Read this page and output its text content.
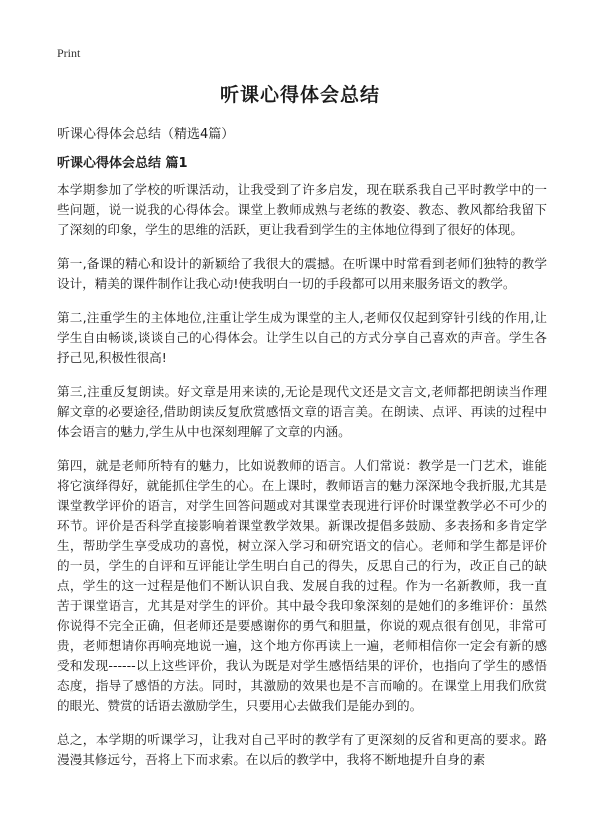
Print
听课心得体会总结
听课心得体会总结（精选4篇）
听课心得体会总结 篇1

本学期参加了学校的听课活动，让我受到了许多启发，现在联系我自己平时教学中的一些问题，说一说我的心得体会。课堂上教师成熟与老练的教姿、教态、教风都给我留下了深刻的印象，学生的思维的活跃，更让我看到学生的主体地位得到了很好的体现。

第一,备课的精心和设计的新颖给了我很大的震撼。在听课中时常看到老师们独特的教学设计，精美的课件制作让我心动!使我明白一切的手段都可以用来服务语文的教学。

第二,注重学生的主体地位,注重让学生成为课堂的主人,老师仅仅起到穿针引线的作用,让学生自由畅谈,谈谈自己的心得体会。让学生以自己的方式分享自己喜欢的声音。学生各抒己见,积极性很高!

第三,注重反复朗读。好文章是用来读的,无论是现代文还是文言文,老师都把朗读当作理解文章的必要途径,借助朗读反复欣赏感悟文章的语言美。在朗读、点评、再读的过程中体会语言的魅力,学生从中也深刻理解了文章的内涵。

第四，就是老师所特有的魅力，比如说教师的语言。人们常说：教学是一门艺术，谁能将它演绎得好，就能抓住学生的心。在上课时，教师语言的魅力深深地令我折服,尤其是课堂教学评价的语言，对学生回答问题或对其课堂表现进行评价时课堂教学必不可少的环节。评价是否科学直接影响着课堂教学效果。新课改提倡多鼓励、多表扬和多肯定学生，帮助学生享受成功的喜悦，树立深入学习和研究语文的信心。老师和学生都是评价的一员，学生的自评和互评能让学生明白自己的得失，反思自己的行为，改正自己的缺点，学生的这一过程是他们不断认识自我、发展自我的过程。作为一名新教师，我一直苦于课堂语言，尤其是对学生的评价。其中最令我印象深刻的是她们的多维评价：虽然你说得不完全正确，但老师还是要感谢你的勇气和胆量，你说的观点很有创见，非常可贵，老师想请你再响亮地说一遍，这个地方你再读上一遍，老师相信你一定会有新的感受和发现------以上这些评价，我认为既是对学生感悟结果的评价，也指向了学生的感悟态度，指导了感悟的方法。同时，其激励的效果也是不言而喻的。在课堂上用我们欣赏的眼光、赞赏的话语去激励学生，只要用心去做我们是能办到的。

总之，本学期的听课学习，让我对自己平时的教学有了更深刻的反省和更高的要求。路漫漫其修远兮，吾将上下而求索。在以后的教学中，我将不断地提升自身的素
